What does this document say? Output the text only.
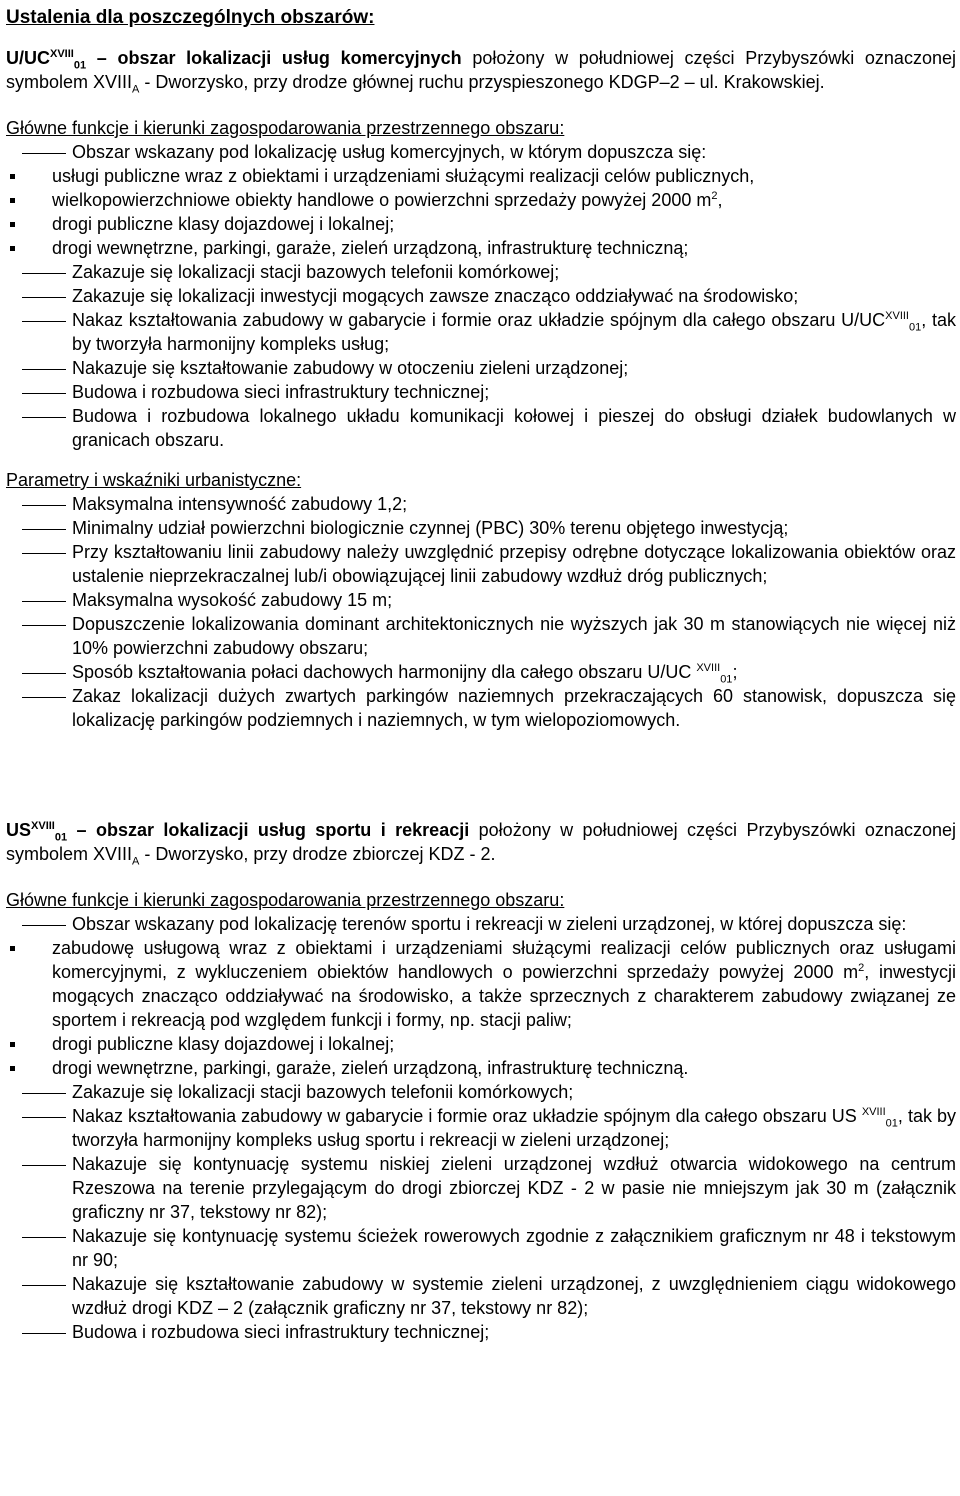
Ustalenia dla poszczególnych obszarów:
$U/UC^{XVIII}_{01}$ – obszar lokalizacji usług komercyjnych położony w południowej części Przybyszówki oznaczonej symbolem $XVIII_A$ - Dworzysko, przy drodze głównej ruchu przyspieszonego KDGP–2 – ul. Krakowskiej.
Główne funkcje i kierunki zagospodarowania przestrzennego obszaru:
Obszar wskazany pod lokalizację usług komercyjnych, w którym dopuszcza się:
usługi publiczne wraz z obiektami i urządzeniami służącymi realizacji celów publicznych,
wielkopowierzchniowe obiekty handlowe o powierzchni sprzedaży powyżej 2000 $m^2$,
drogi publiczne klasy dojazdowej i lokalnej;
drogi wewnętrzne, parkingi, garaże, zieleń urządzoną, infrastrukturę techniczną;
Zakazuje się lokalizacji stacji bazowych telefonii komórkowej;
Zakazuje się lokalizacji inwestycji mogących zawsze znacząco oddziaływać na środowisko;
Nakaz kształtowania zabudowy w gabarycie i formie oraz układzie spójnym dla całego obszaru $U/UC^{XVIII}_{01}$, tak by tworzyła harmonijny kompleks usług;
Nakazuje się kształtowanie zabudowy w otoczeniu zieleni urządzonej;
Budowa i rozbudowa sieci infrastruktury technicznej;
Budowa i rozbudowa lokalnego układu komunikacji kołowej i pieszej do obsługi działek budowlanych w granicach obszaru.
Parametry i wskaźniki urbanistyczne:
Maksymalna intensywność zabudowy 1,2;
Minimalny udział powierzchni biologicznie czynnej (PBC) 30% terenu objętego inwestycją;
Przy kształtowaniu linii zabudowy należy uwzględnić przepisy odrębne dotyczące lokalizowania obiektów oraz ustalenie nieprzekraczalnej lub/i obowiązującej linii zabudowy wzdłuż dróg publicznych;
Maksymalna wysokość zabudowy 15 m;
Dopuszczenie lokalizowania dominant architektonicznych nie wyższych jak 30 m stanowiących nie więcej niż 10% powierzchni zabudowy obszaru;
Sposób kształtowania połaci dachowych harmonijny dla całego obszaru U/UC $^{XVIII}_{01}$;
Zakaz lokalizacji dużych zwartych parkingów naziemnych przekraczających 60 stanowisk, dopuszcza się lokalizację parkingów podziemnych i naziemnych, w tym wielopoziomowych.
$US^{XVIII}_{01}$ – obszar lokalizacji usług sportu i rekreacji położony w południowej części Przybyszówki oznaczonej symbolem $XVIII_A$ - Dworzysko, przy drodze zbiorczej KDZ - 2.
Główne funkcje i kierunki zagospodarowania przestrzennego obszaru:
Obszar wskazany pod lokalizację terenów sportu i rekreacji w zieleni urządzonej, w której dopuszcza się:
zabudowę usługową wraz z obiektami i urządzeniami służącymi realizacji celów publicznych oraz usługami komercyjnymi, z wykluczeniem obiektów handlowych o powierzchni sprzedaży powyżej 2000 $m^2$, inwestycji mogących znacząco oddziaływać na środowisko, a także sprzecznych z charakterem zabudowy związanej ze sportem i rekreacją pod względem funkcji i formy, np. stacji paliw;
drogi publiczne klasy dojazdowej i lokalnej;
drogi wewnętrzne, parkingi, garaże, zieleń urządzoną, infrastrukturę techniczną.
Zakazuje się lokalizacji stacji bazowych telefonii komórkowych;
Nakaz kształtowania zabudowy w gabarycie i formie oraz układzie spójnym dla całego obszaru US $^{XVIII}_{01}$, tak by tworzyła harmonijny kompleks usług sportu i rekreacji w zieleni urządzonej;
Nakazuje się kontynuację systemu niskiej zieleni urządzonej wzdłuż otwarcia widokowego na centrum Rzeszowa na terenie przylegającym do drogi zbiorczej KDZ - 2 w pasie nie mniejszym jak 30 m (załącznik graficzny nr 37, tekstowy nr 82);
Nakazuje się kontynuację systemu ścieżek rowerowych zgodnie z załącznikiem graficznym nr 48 i tekstowym nr 90;
Nakazuje się kształtowanie zabudowy w systemie zieleni urządzonej, z uwzględnieniem ciągu widokowego wzdłuż drogi KDZ – 2 (załącznik graficzny nr 37, tekstowy nr 82);
Budowa i rozbudowa sieci infrastruktury technicznej;
